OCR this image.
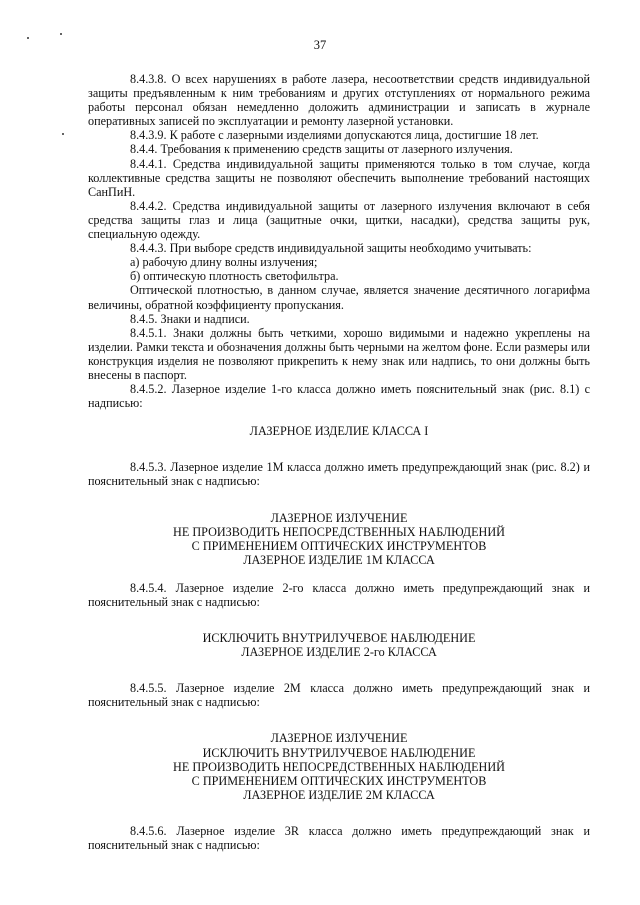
37

8.4.3.8. О всех нарушениях в работе лазера, несоответствии средств индивидуальной защиты предъявленным к ним требованиям и других отступлениях от нормального режима работы персонал обязан немедленно доложить администрации и записать в журнале оперативных записей по эксплуатации и ремонту лазерной установки.

8.4.3.9. К работе с лазерными изделиями допускаются лица, достигшие 18 лет.

8.4.4. Требования к применению средств защиты от лазерного излучения.

8.4.4.1. Средства индивидуальной защиты применяются только в том случае, когда коллективные средства защиты не позволяют обеспечить выполнение требований настоящих СанПиН.

8.4.4.2. Средства индивидуальной защиты от лазерного излучения включают в себя средства защиты глаз и лица (защитные очки, щитки, насадки), средства защиты рук, специальную одежду.

8.4.4.3. При выборе средств индивидуальной защиты необходимо учитывать:

а) рабочую длину волны излучения;

б) оптическую плотность светофильтра.

Оптической плотностью, в данном случае, является значение десятичного логарифма величины, обратной коэффициенту пропускания.

8.4.5. Знаки и надписи.

8.4.5.1. Знаки должны быть четкими, хорошо видимыми и надежно укреплены на изделии. Рамки текста и обозначения должны быть черными на желтом фоне. Если размеры или конструкция изделия не позволяют прикрепить к нему знак или надпись, то они должны быть внесены в паспорт.

8.4.5.2. Лазерное изделие 1-го класса должно иметь пояснительный знак (рис. 8.1) с надписью:

ЛАЗЕРНОЕ ИЗДЕЛИЕ КЛАССА I

8.4.5.3. Лазерное изделие 1М класса должно иметь предупреждающий знак (рис. 8.2) и пояснительный знак с надписью:

ЛАЗЕРНОЕ ИЗЛУЧЕНИЕ
НЕ ПРОИЗВОДИТЬ НЕПОСРЕДСТВЕННЫХ НАБЛЮДЕНИЙ
С ПРИМЕНЕНИЕМ ОПТИЧЕСКИХ ИНСТРУМЕНТОВ
ЛАЗЕРНОЕ ИЗДЕЛИЕ 1М КЛАССА

8.4.5.4. Лазерное изделие 2-го класса должно иметь предупреждающий знак и пояснительный знак с надписью:

ИСКЛЮЧИТЬ ВНУТРИЛУЧЕВОЕ НАБЛЮДЕНИЕ
ЛАЗЕРНОЕ ИЗДЕЛИЕ 2-го КЛАССА

8.4.5.5. Лазерное изделие 2М класса должно иметь предупреждающий знак и пояснительный знак с надписью:

ЛАЗЕРНОЕ ИЗЛУЧЕНИЕ
ИСКЛЮЧИТЬ ВНУТРИЛУЧЕВОЕ НАБЛЮДЕНИЕ
НЕ ПРОИЗВОДИТЬ НЕПОСРЕДСТВЕННЫХ НАБЛЮДЕНИЙ
С ПРИМЕНЕНИЕМ ОПТИЧЕСКИХ ИНСТРУМЕНТОВ
ЛАЗЕРНОЕ ИЗДЕЛИЕ 2М КЛАССА

8.4.5.6. Лазерное изделие 3R класса должно иметь предупреждающий знак и пояснительный знак с надписью:
